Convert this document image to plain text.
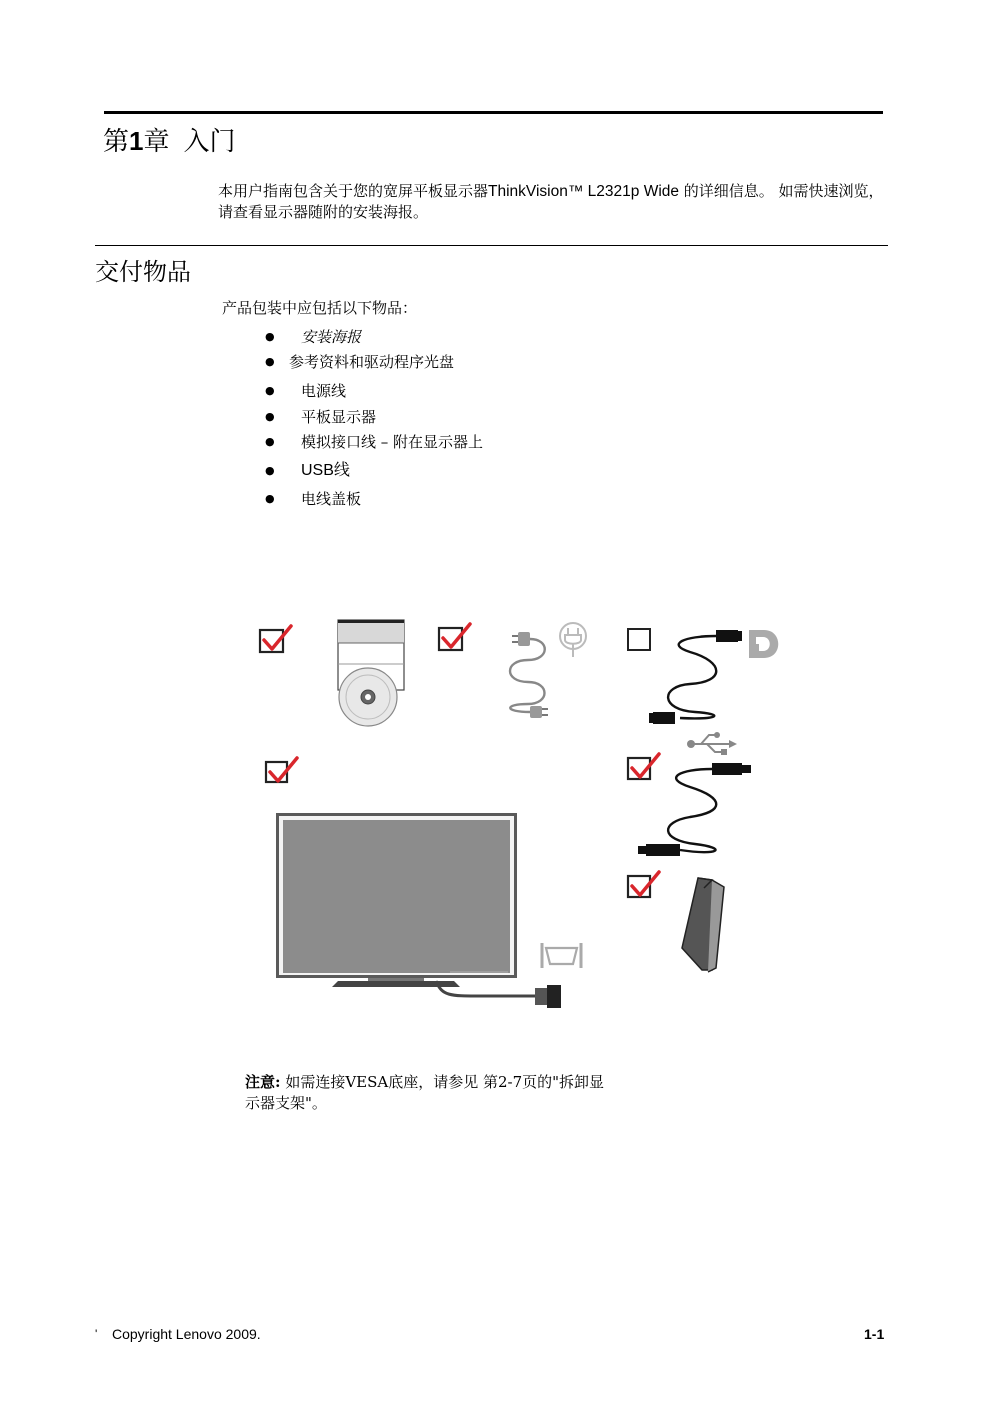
第1章 入门
本用户指南包含关于您的宽屏平板显示器ThinkVision™ L2321p Wide 的详细信息。 如需快速浏览，请查看显示器随附的安装海报。
交付物品
产品包装中应包括以下物品：
● 安装海报
● 参考资料和驱动程序光盘
● 电源线
● 平板显示器
● 模拟接口线 – 附在显示器上
● USB线
● 电线盖板
注意: 如需连接VESA底座，请参见 第2-7页的"拆卸显示器支架"。
' Copyright Lenovo 2009.	1-1
